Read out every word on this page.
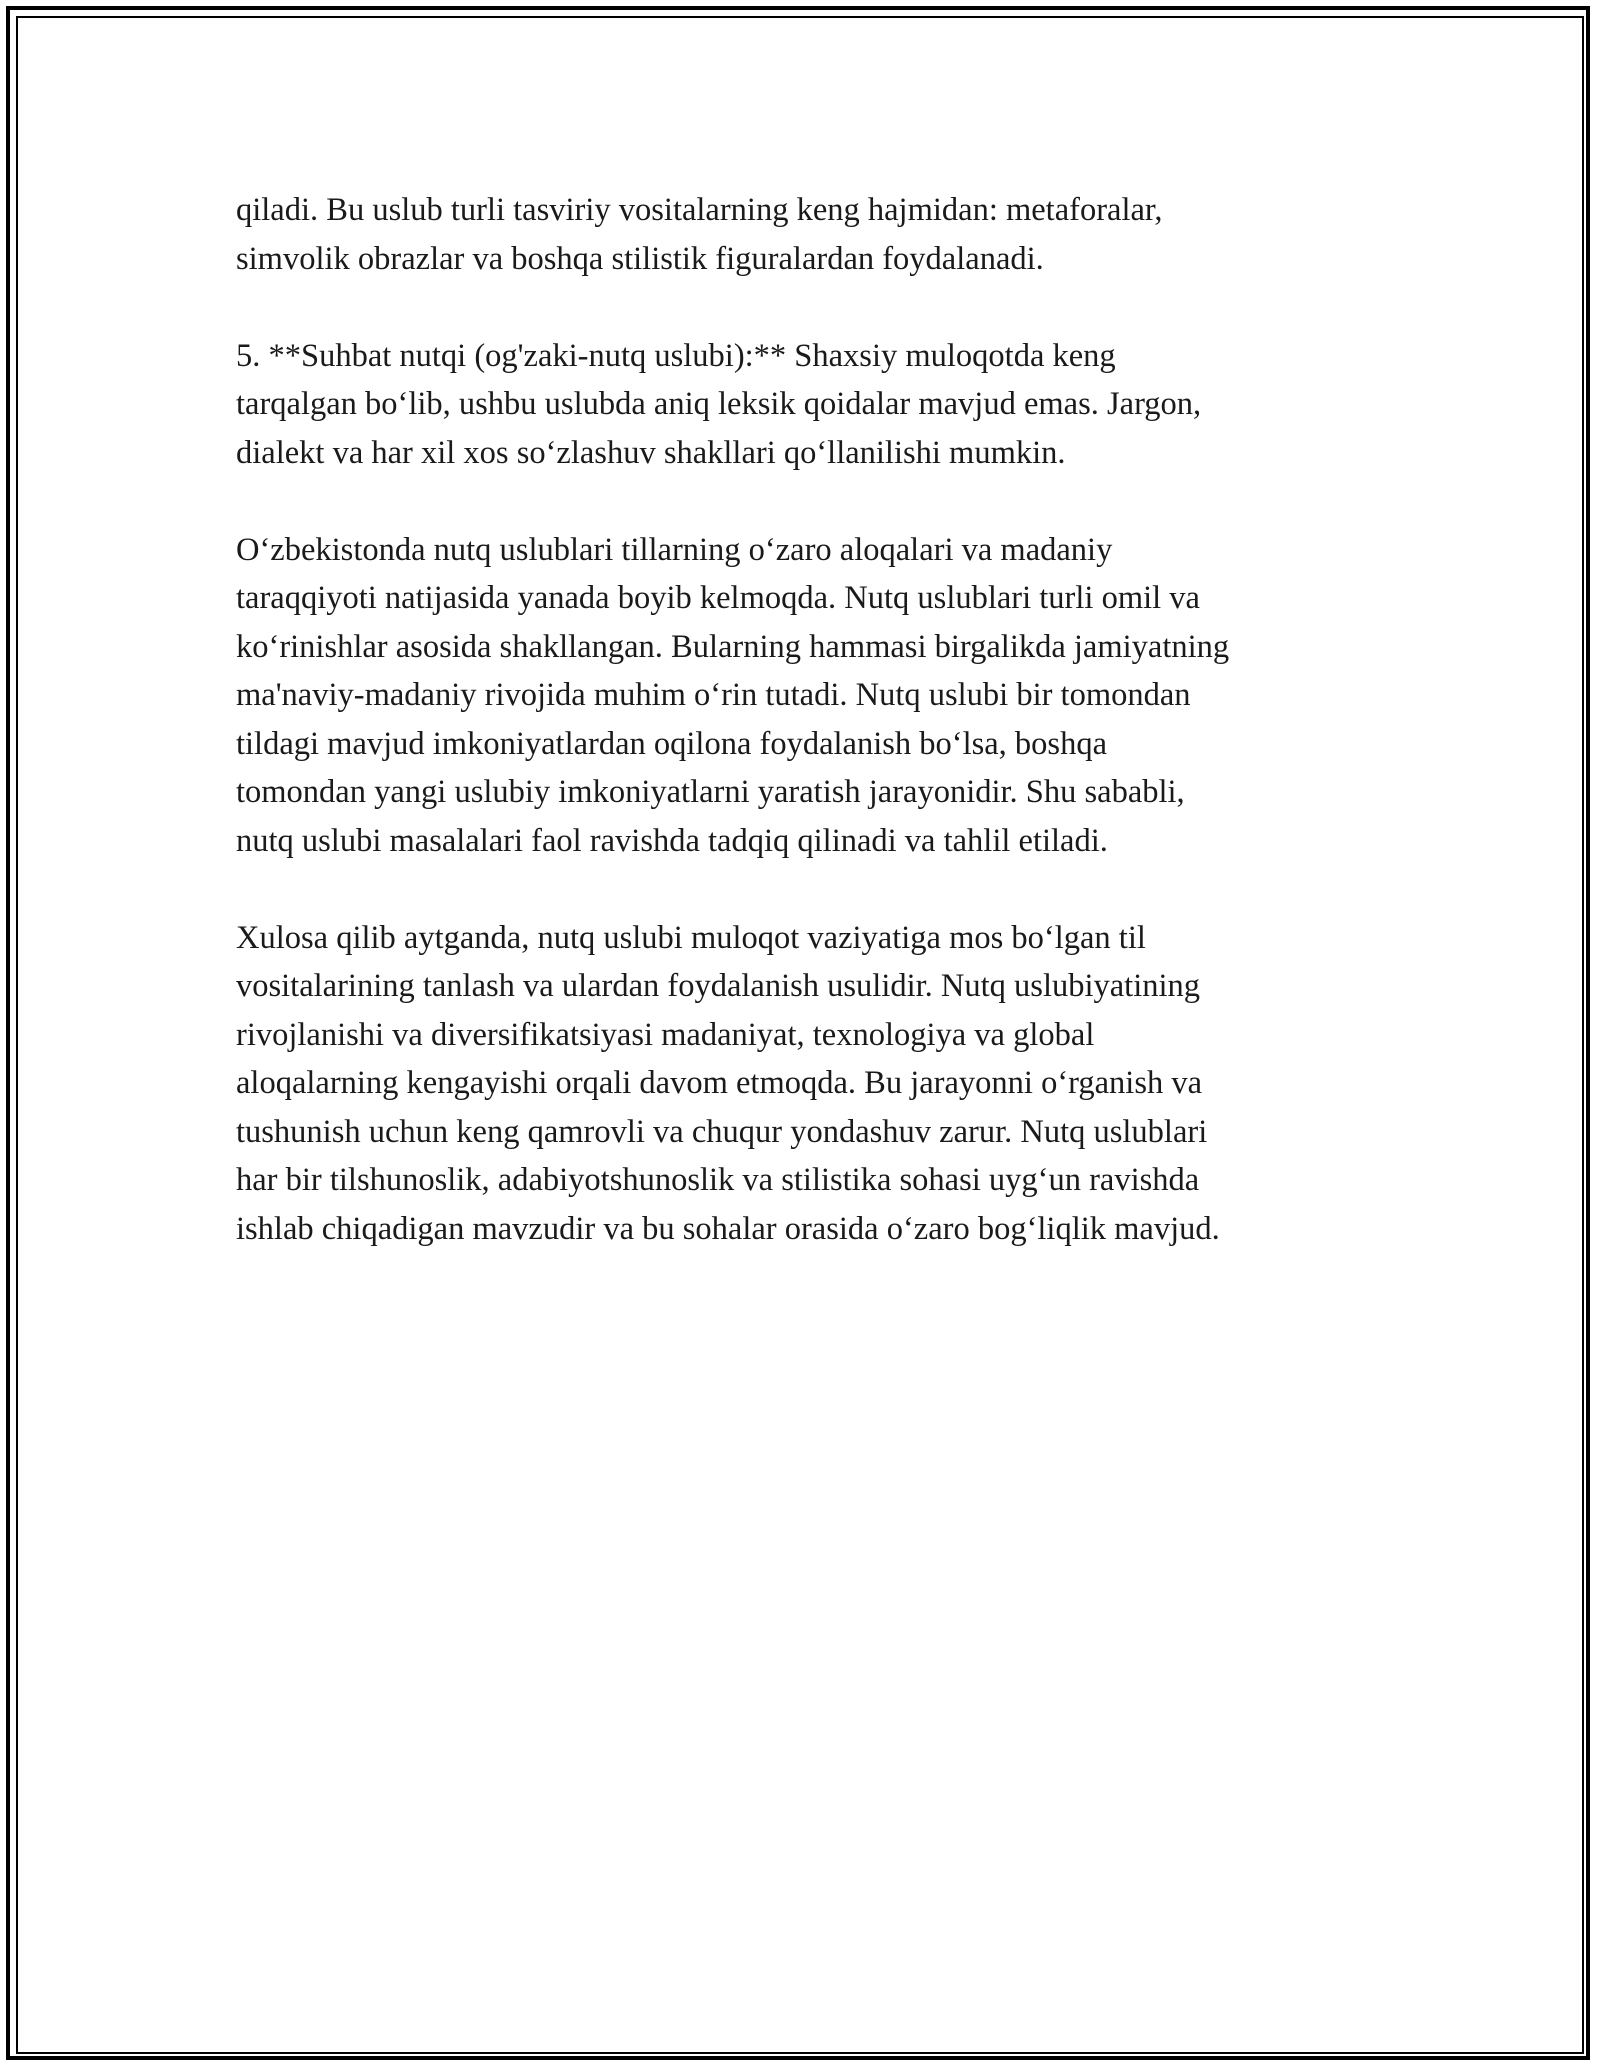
qiladi. Bu uslub turli tasviriy vositalarning keng hajmidan: metaforalar,
simvolik obrazlar va boshqa stilistik figuralardan foydalanadi.

5. **Suhbat nutqi (og'zaki-nutq uslubi):** Shaxsiy muloqotda keng
tarqalgan bo‘lib, ushbu uslubda aniq leksik qoidalar mavjud emas. Jargon,
dialekt va har xil xos so‘zlashuv shakllari qo‘llanilishi mumkin.

O‘zbekistonda nutq uslublari tillarning o‘zaro aloqalari va madaniy
taraqqiyoti natijasida yanada boyib kelmoqda. Nutq uslublari turli omil va
ko‘rinishlar asosida shakllangan. Bularning hammasi birgalikda jamiyatning
ma'naviy-madaniy rivojida muhim o‘rin tutadi. Nutq uslubi bir tomondan
tildagi mavjud imkoniyatlardan oqilona foydalanish bo‘lsa, boshqa
tomondan yangi uslubiy imkoniyatlarni yaratish jarayonidir. Shu sababli,
nutq uslubi masalalari faol ravishda tadqiq qilinadi va tahlil etiladi.

Xulosa qilib aytganda, nutq uslubi muloqot vaziyatiga mos bo‘lgan til
vositalarining tanlash va ulardan foydalanish usulidir. Nutq uslubiyatining
rivojlanishi va diversifikatsiyasi madaniyat, texnologiya va global
aloqalarning kengayishi orqali davom etmoqda. Bu jarayonni o‘rganish va
tushunish uchun keng qamrovli va chuqur yondashuv zarur. Nutq uslublari
har bir tilshunoslik, adabiyotshunoslik va stilistika sohasi uyg‘un ravishda
ishlab chiqadigan mavzudir va bu sohalar orasida o‘zaro bog‘liqlik mavjud.
